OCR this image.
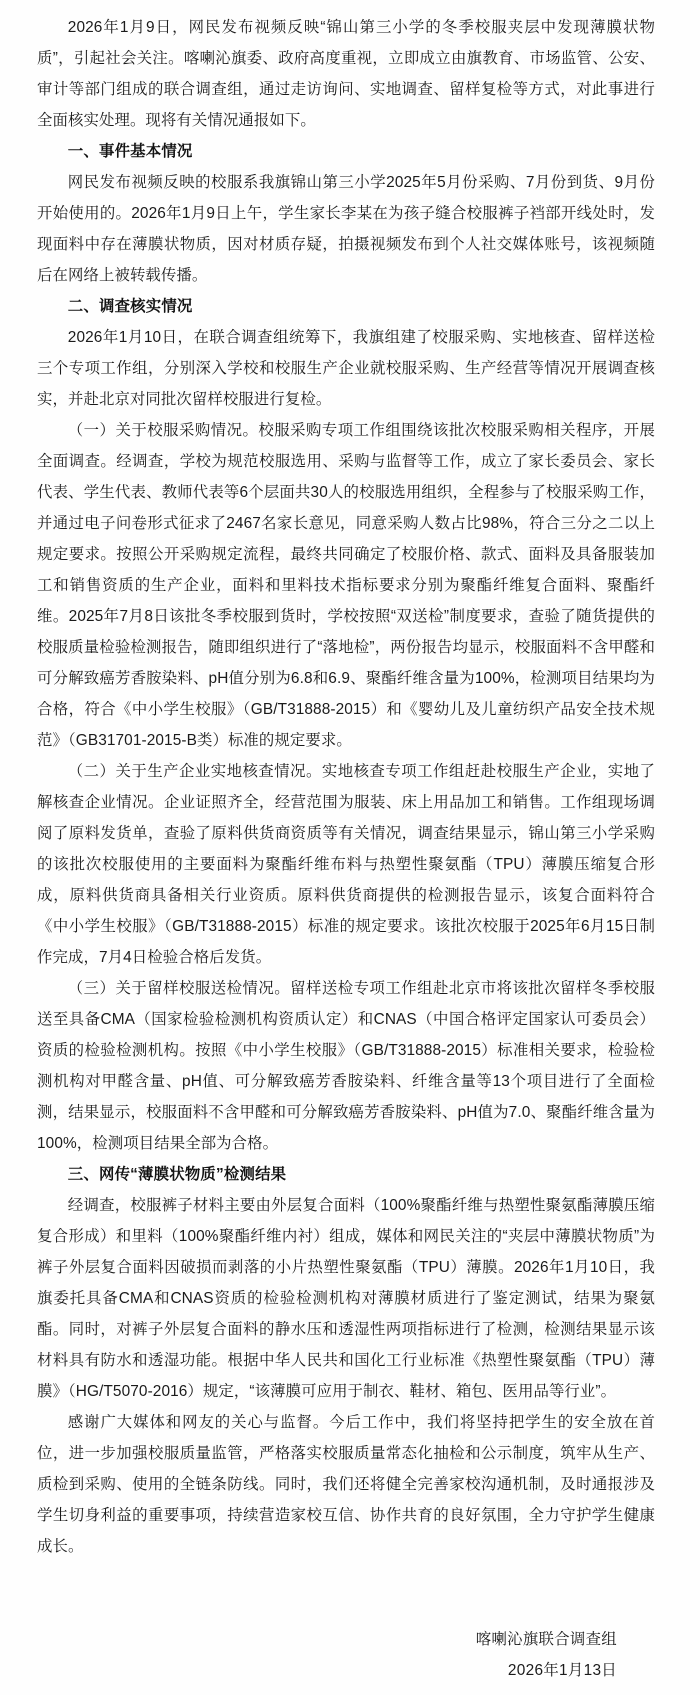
2026年1月9日，网民发布视频反映“锦山第三小学的冬季校服夹层中发现薄膜状物质”，引起社会关注。喀喇沁旗委、政府高度重视，立即成立由旗教育、市场监管、公安、审计等部门组成的联合调查组，通过走访询问、实地调查、留样复检等方式，对此事进行全面核实处理。现将有关情况通报如下。

一、事件基本情况

网民发布视频反映的校服系我旗锦山第三小学2025年5月份采购、7月份到货、9月份开始使用的。2026年1月9日上午，学生家长李某在为孩子缝合校服裤子裆部开线处时，发现面料中存在薄膜状物质，因对材质存疑，拍摄视频发布到个人社交媒体账号，该视频随后在网络上被转载传播。

二、调查核实情况

2026年1月10日，在联合调查组统筹下，我旗组建了校服采购、实地核查、留样送检三个专项工作组，分别深入学校和校服生产企业就校服采购、生产经营等情况开展调查核实，并赴北京对同批次留样校服进行复检。

（一）关于校服采购情况。校服采购专项工作组围绕该批次校服采购相关程序，开展全面调查。经调查，学校为规范校服选用、采购与监督等工作，成立了家长委员会、家长代表、学生代表、教师代表等6个层面共30人的校服选用组织，全程参与了校服采购工作，并通过电子问卷形式征求了2467名家长意见，同意采购人数占比98%，符合三分之二以上规定要求。按照公开采购规定流程，最终共同确定了校服价格、款式、面料及具备服装加工和销售资质的生产企业，面料和里料技术指标要求分别为聚酯纤维复合面料、聚酯纤维。2025年7月8日该批冬季校服到货时，学校按照“双送检”制度要求，查验了随货提供的校服质量检验检测报告，随即组织进行了“落地检”，两份报告均显示，校服面料不含甲醛和可分解致癌芳香胺染料、pH值分别为6.8和6.9、聚酯纤维含量为100%，检测项目结果均为合格，符合《中小学生校服》（GB/T31888-2015）和《婴幼儿及儿童纺织产品安全技术规范》（GB31701-2015-B类）标准的规定要求。

（二）关于生产企业实地核查情况。实地核查专项工作组赶赴校服生产企业，实地了解核查企业情况。企业证照齐全，经营范围为服装、床上用品加工和销售。工作组现场调阅了原料发货单，查验了原料供货商资质等有关情况，调查结果显示，锦山第三小学采购的该批次校服使用的主要面料为聚酯纤维布料与热塑性聚氨酯（TPU）薄膜压缩复合形成，原料供货商具备相关行业资质。原料供货商提供的检测报告显示，该复合面料符合《中小学生校服》（GB/T31888-2015）标准的规定要求。该批次校服于2025年6月15日制作完成，7月4日检验合格后发货。

（三）关于留样校服送检情况。留样送检专项工作组赴北京市将该批次留样冬季校服送至具备CMA（国家检验检测机构资质认定）和CNAS（中国合格评定国家认可委员会）资质的检验检测机构。按照《中小学生校服》（GB/T31888-2015）标准相关要求，检验检测机构对甲醛含量、pH值、可分解致癌芳香胺染料、纤维含量等13个项目进行了全面检测，结果显示，校服面料不含甲醛和可分解致癌芳香胺染料、pH值为7.0、聚酯纤维含量为100%，检测项目结果全部为合格。

三、网传“薄膜状物质”检测结果

经调查，校服裤子材料主要由外层复合面料（100%聚酯纤维与热塑性聚氨酯薄膜压缩复合形成）和里料（100%聚酯纤维内衬）组成，媒体和网民关注的“夹层中薄膜状物质”为裤子外层复合面料因破损而剥落的小片热塑性聚氨酯（TPU）薄膜。2026年1月10日，我旗委托具备CMA和CNAS资质的检验检测机构对薄膜材质进行了鉴定测试，结果为聚氨酯。同时，对裤子外层复合面料的静水压和透湿性两项指标进行了检测，检测结果显示该材料具有防水和透湿功能。根据中华人民共和国化工行业标准《热塑性聚氨酯（TPU）薄膜》（HG/T5070-2016）规定，“该薄膜可应用于制衣、鞋材、箱包、医用品等行业”。

感谢广大媒体和网友的关心与监督。今后工作中，我们将坚持把学生的安全放在首位，进一步加强校服质量监管，严格落实校服质量常态化抽检和公示制度，筑牢从生产、质检到采购、使用的全链条防线。同时，我们还将健全完善家校沟通机制，及时通报涉及学生切身利益的重要事项，持续营造家校互信、协作共育的良好氛围，全力守护学生健康成长。

喀喇沁旗联合调查组
2026年1月13日
